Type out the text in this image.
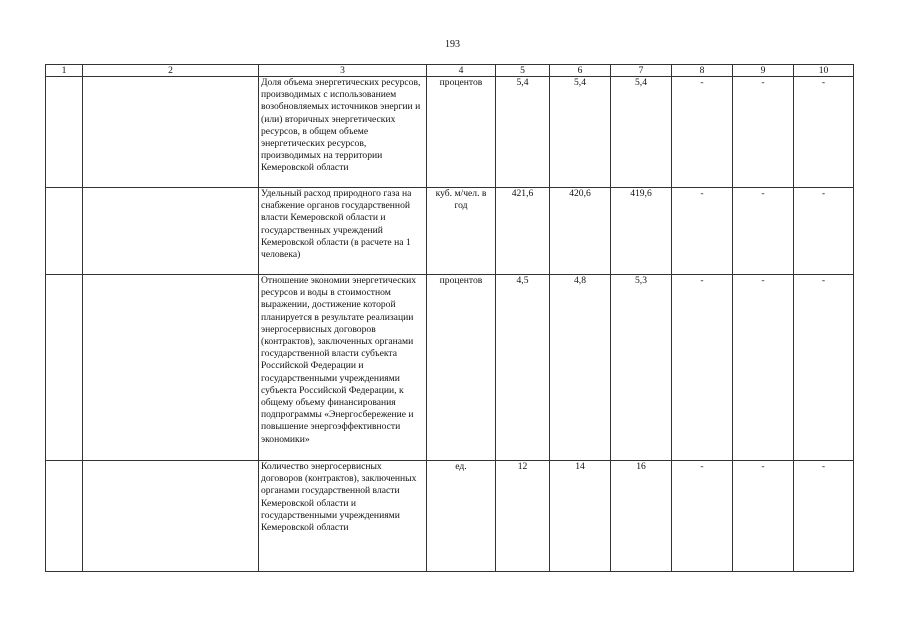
193
1	2	3	4	5	6	7	8	9	10
		Доля объема энергетических ресурсов, производимых с использованием возобновляемых источников энергии и (или) вторичных энергетических ресурсов, в общем объеме энергетических ресурсов, производимых на территории Кемеровской области	процентов	5,4	5,4	5,4	-	-	-
		Удельный расход природного газа на снабжение органов государственной власти Кемеровской области и государственных учреждений Кемеровской области (в расчете на 1 человека)	куб. м/чел. в год	421,6	420,6	419,6	-	-	-
		Отношение экономии энергетических ресурсов и воды в стоимостном выражении, достижение которой планируется в результате реализации энергосервисных договоров (контрактов), заключенных органами государственной власти субъекта Российской Федерации и государственными учреждениями субъекта Российской Федерации, к общему объему финансирования подпрограммы «Энергосбережение и повышение энергоэффективности экономики»	процентов	4,5	4,8	5,3	-	-	-
		Количество энергосервисных договоров (контрактов), заключенных органами государственной власти Кемеровской области и государственными учреждениями Кемеровской области	ед.	12	14	16	-	-	-
